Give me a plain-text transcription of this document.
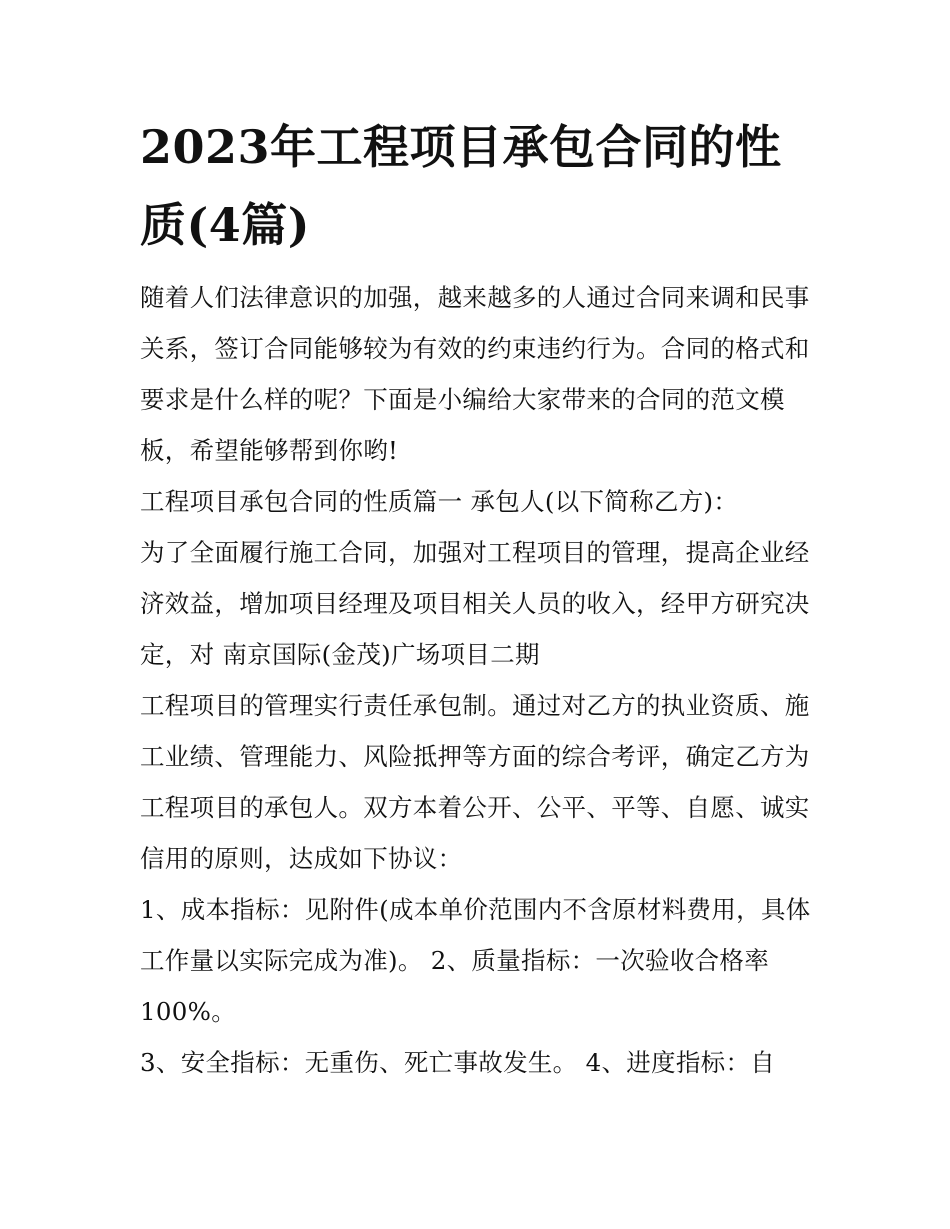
2023年工程项目承包合同的性质(4篇)

随着人们法律意识的加强，越来越多的人通过合同来调和民事关系，签订合同能够较为有效的约束违约行为。合同的格式和要求是什么样的呢？下面是小编给大家带来的合同的范文模板，希望能够帮到你哟!

工程项目承包合同的性质篇一 承包人(以下简称乙方)：

为了全面履行施工合同，加强对工程项目的管理，提高企业经济效益，增加项目经理及项目相关人员的收入，经甲方研究决定，对 南京国际(金茂)广场项目二期

工程项目的管理实行责任承包制。通过对乙方的执业资质、施工业绩、管理能力、风险抵押等方面的综合考评，确定乙方为工程项目的承包人。双方本着公开、公平、平等、自愿、诚实信用的原则，达成如下协议：

1、成本指标：见附件(成本单价范围内不含原材料费用，具体工作量以实际完成为准)。 2、质量指标：一次验收合格率100%。

3、安全指标：无重伤、死亡事故发生。 4、进度指标：自
